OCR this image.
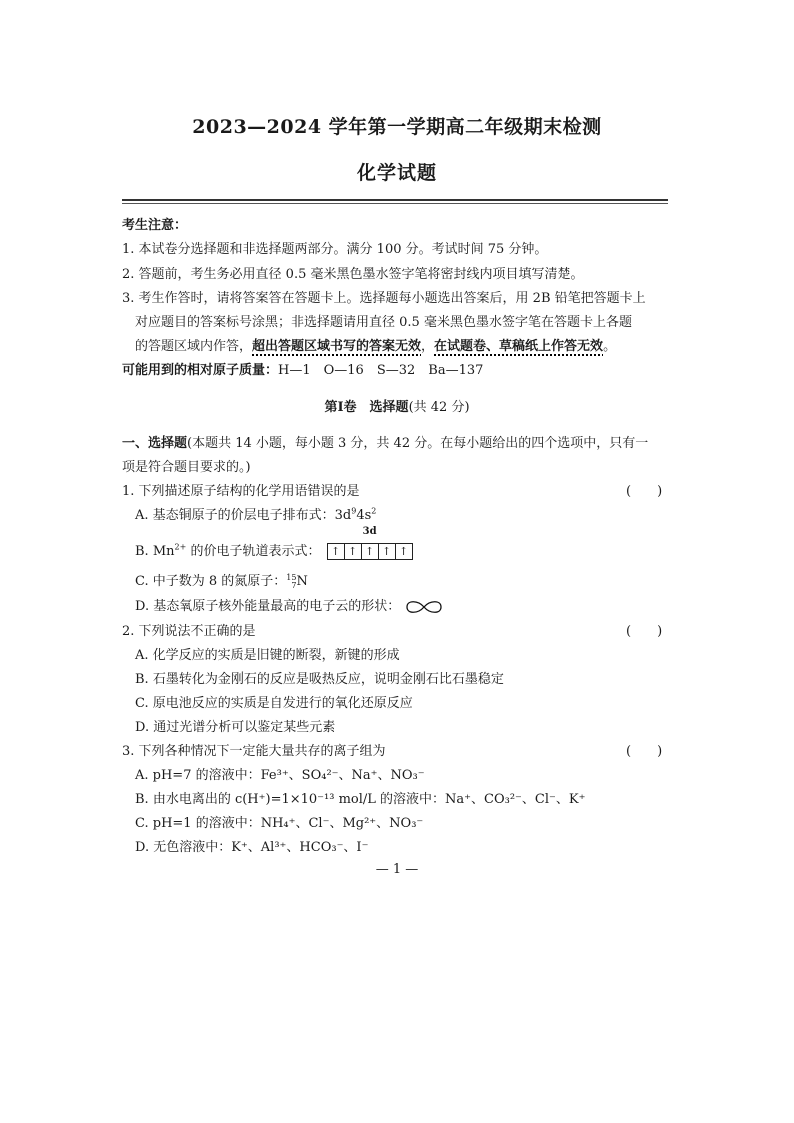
2023—2024 学年第一学期高二年级期末检测
化学试题
考生注意：
1. 本试卷分选择题和非选择题两部分。满分 100 分。考试时间 75 分钟。
2. 答题前，考生务必用直径 0.5 毫米黑色墨水签字笔将密封线内项目填写清楚。
3. 考生作答时，请将答案答在答题卡上。选择题每小题选出答案后，用 2B 铅笔把答题卡上
对应题目的答案标号涂黑；非选择题请用直径 0.5 毫米黑色墨水签字笔在答题卡上各题
的答题区域内作答，超出答题区域书写的答案无效，在试题卷、草稿纸上作答无效。
可能用到的相对原子质量：H—1　O—16　S—32　Ba—137
第Ⅰ卷　选择题(共 42 分)
一、选择题(本题共 14 小题，每小题 3 分，共 42 分。在每小题给出的四个选项中，只有一
项是符合题目要求的。)
1. 下列描述原子结构的化学用语错误的是	(　　)
A. 基态铜原子的价层电子排布式：$3d^94s^2$
B. $Mn^{2+}$ 的价电子轨道表示式：
3d
↑ ↑ ↑ ↑ ↑
C. 中子数为 8 的氮原子：15
7N
D. 基态氧原子核外能量最高的电子云的形状：
2. 下列说法不正确的是	(　　)
A. 化学反应的实质是旧键的断裂，新键的形成
B. 石墨转化为金刚石的反应是吸热反应，说明金刚石比石墨稳定
C. 原电池反应的实质是自发进行的氧化还原反应
D. 通过光谱分析可以鉴定某些元素
3. 下列各种情况下一定能大量共存的离子组为	(　　)
A. pH=7 的溶液中：Fe³⁺、SO₄²⁻、Na⁺、NO₃⁻
B. 由水电离出的 c(H⁺)=1×10⁻¹³ mol/L 的溶液中：Na⁺、CO₃²⁻、Cl⁻、K⁺
C. pH=1 的溶液中：NH₄⁺、Cl⁻、Mg²⁺、NO₃⁻
D. 无色溶液中：K⁺、Al³⁺、HCO₃⁻、I⁻
— 1 —
